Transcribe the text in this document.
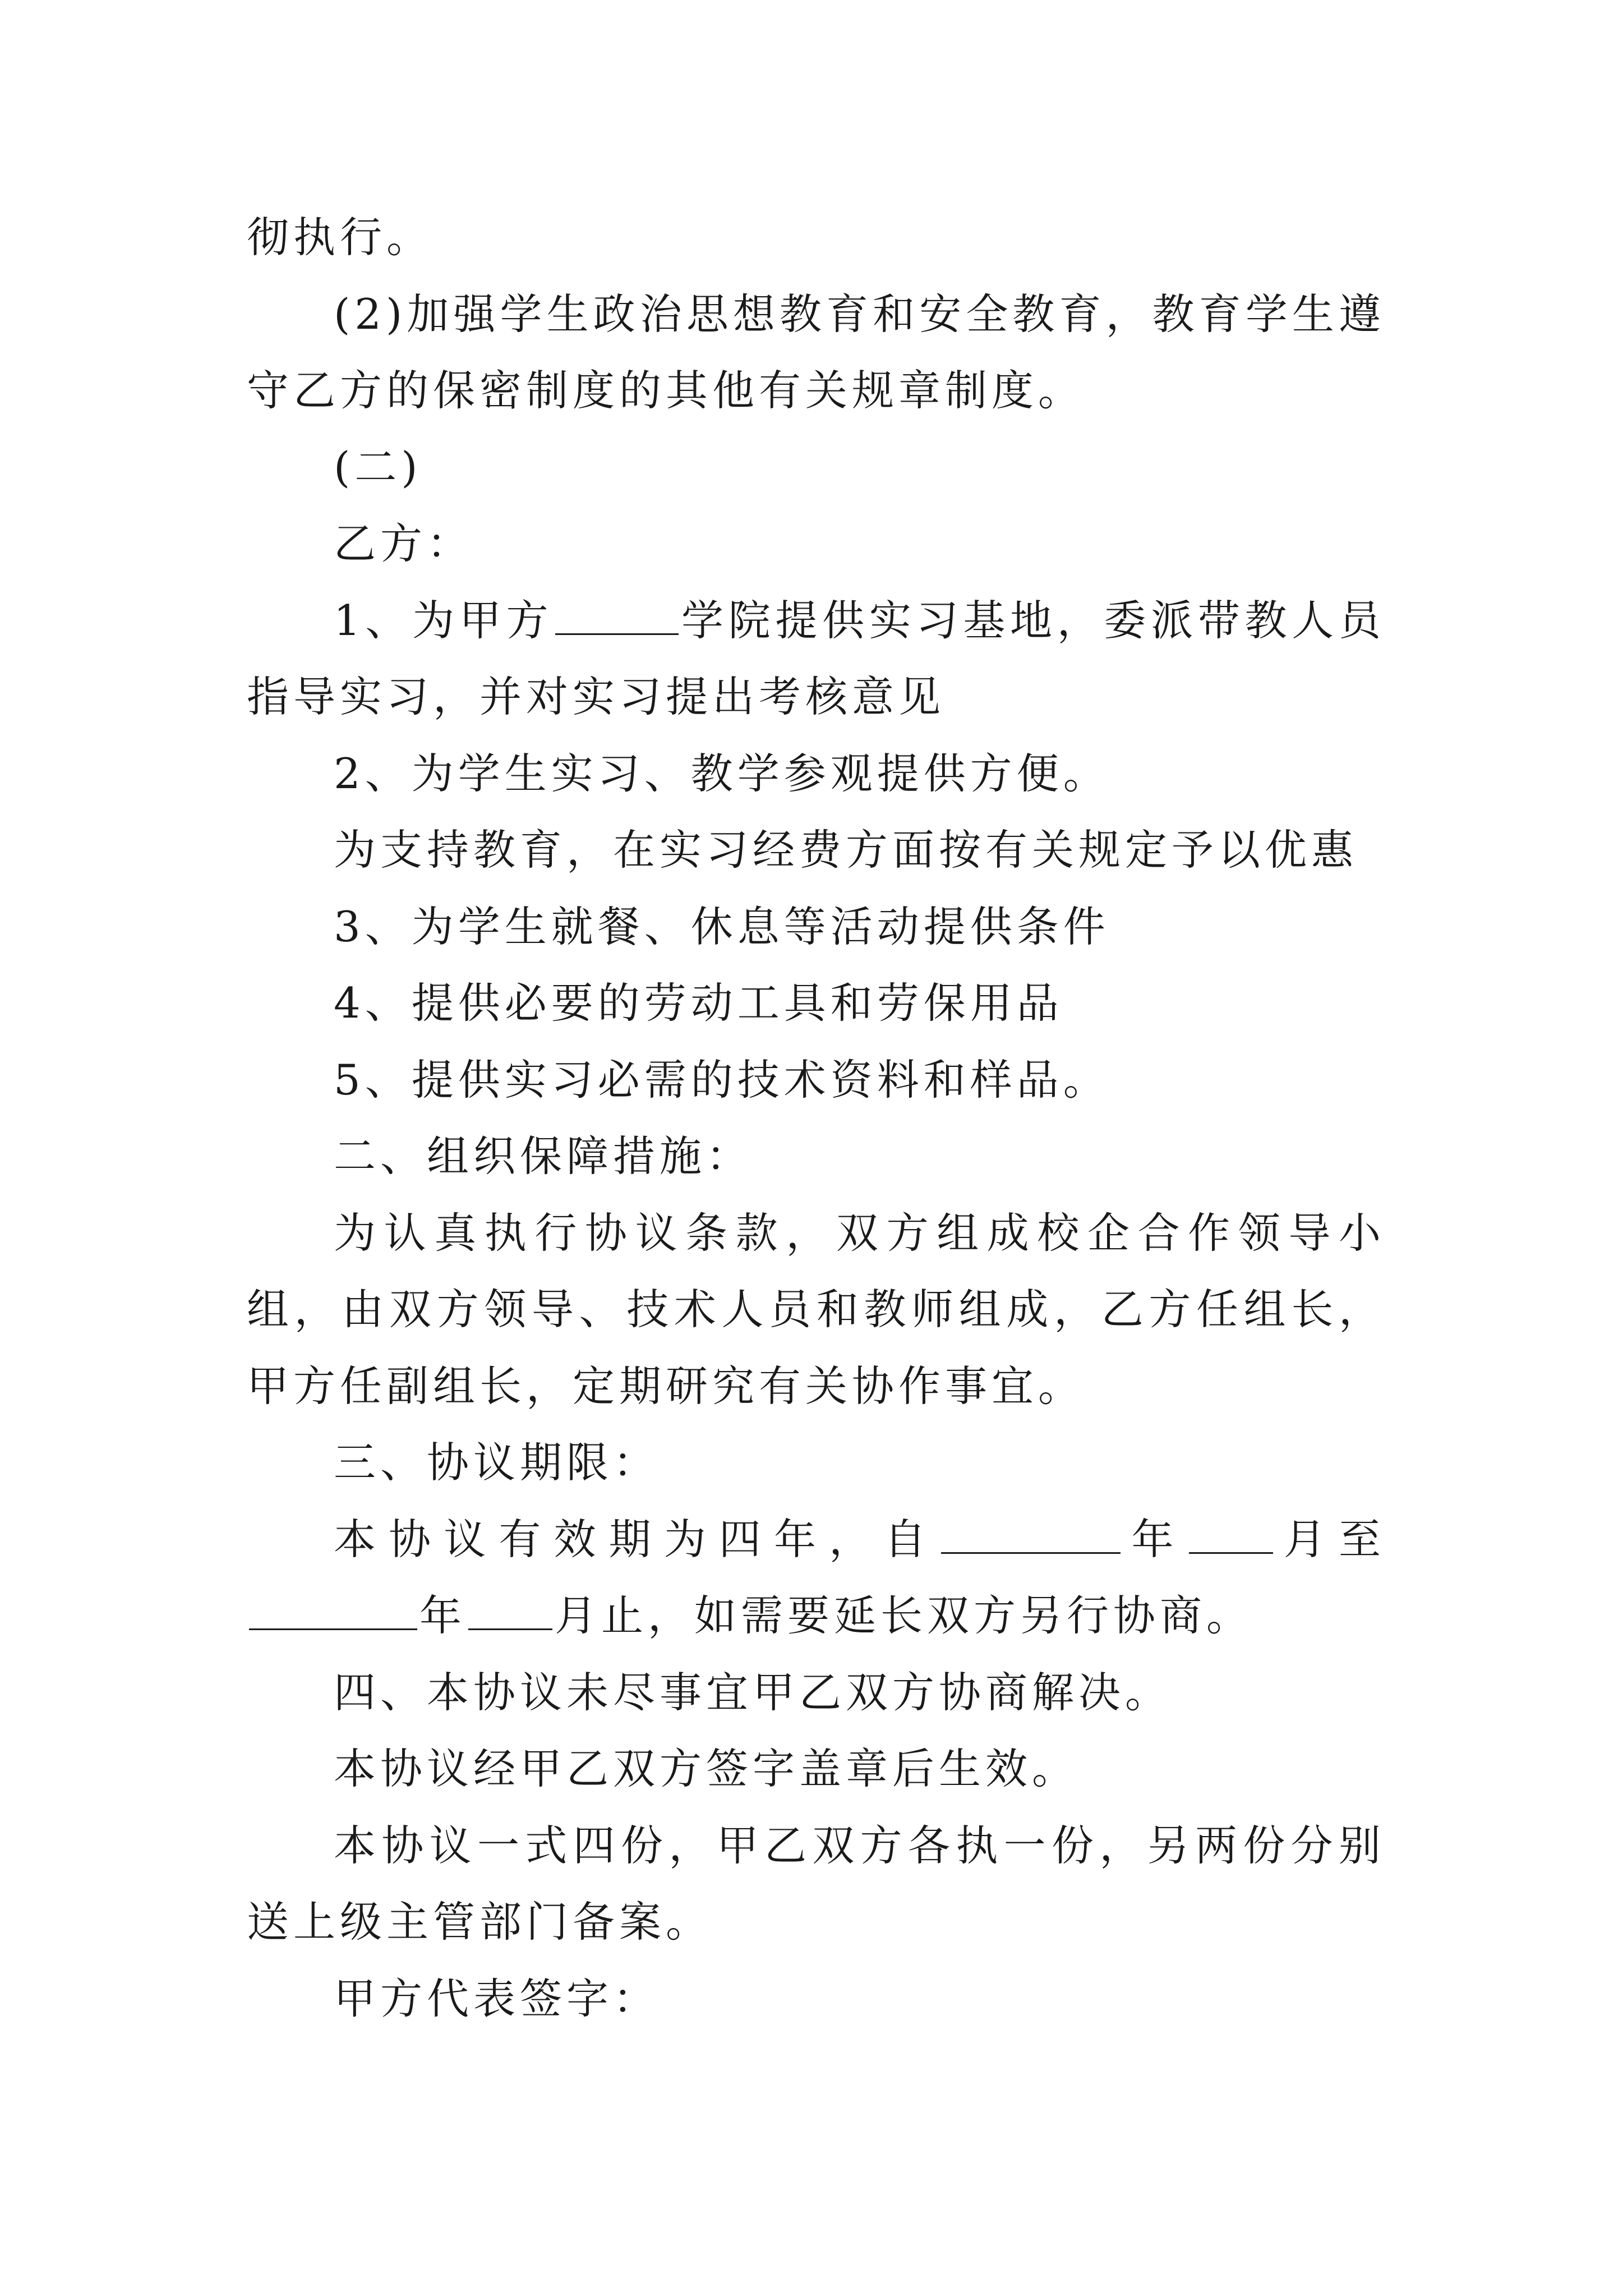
彻执行。

(2)加强学生政治思想教育和安全教育，教育学生遵守乙方的保密制度的其他有关规章制度。

(二)

乙方：

1、为甲方	学院提供实习基地，委派带教人员指导实习，并对实习提出考核意见

2、为学生实习、教学参观提供方便。

为支持教育，在实习经费方面按有关规定予以优惠

3、为学生就餐、休息等活动提供条件

4、提供必要的劳动工具和劳保用品

5、提供实习必需的技术资料和样品。

二、组织保障措施：

为认真执行协议条款，双方组成校企合作领导小组，由双方领导、技术人员和教师组成，乙方任组长，甲方任副组长，定期研究有关协作事宜。

三、协议期限：

本协议有效期为四年，自	年 月至年 月止，如需要延长双方另行协商。

四、本协议未尽事宜甲乙双方协商解决。

本协议经甲乙双方签字盖章后生效。

本协议一式四份，甲乙双方各执一份，另两份分别送上级主管部门备案。

甲方代表签字：
